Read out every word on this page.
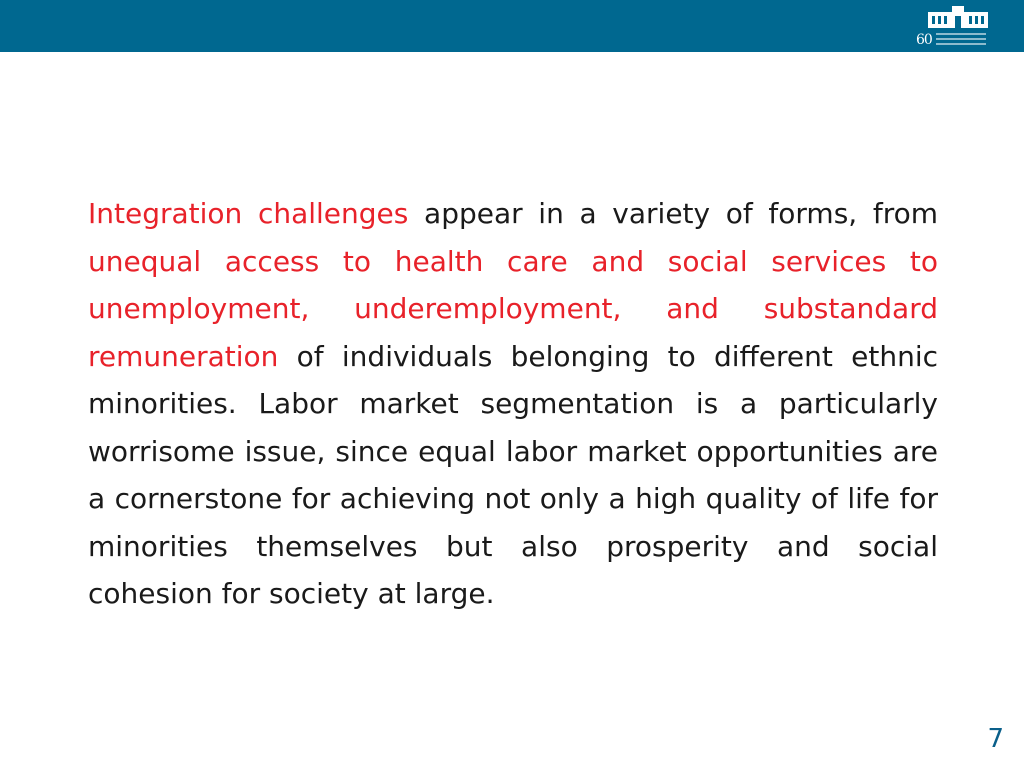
60
Integration challenges appear in a variety of forms, from unequal access to health care and social services to unemployment, underemployment, and substandard remuneration of individuals belonging to different ethnic minorities. Labor market segmentation is a particularly worrisome issue, since equal labor market opportunities are a cornerstone for achieving not only a high quality of life for minorities themselves but also prosperity and social cohesion for society at large.
7
